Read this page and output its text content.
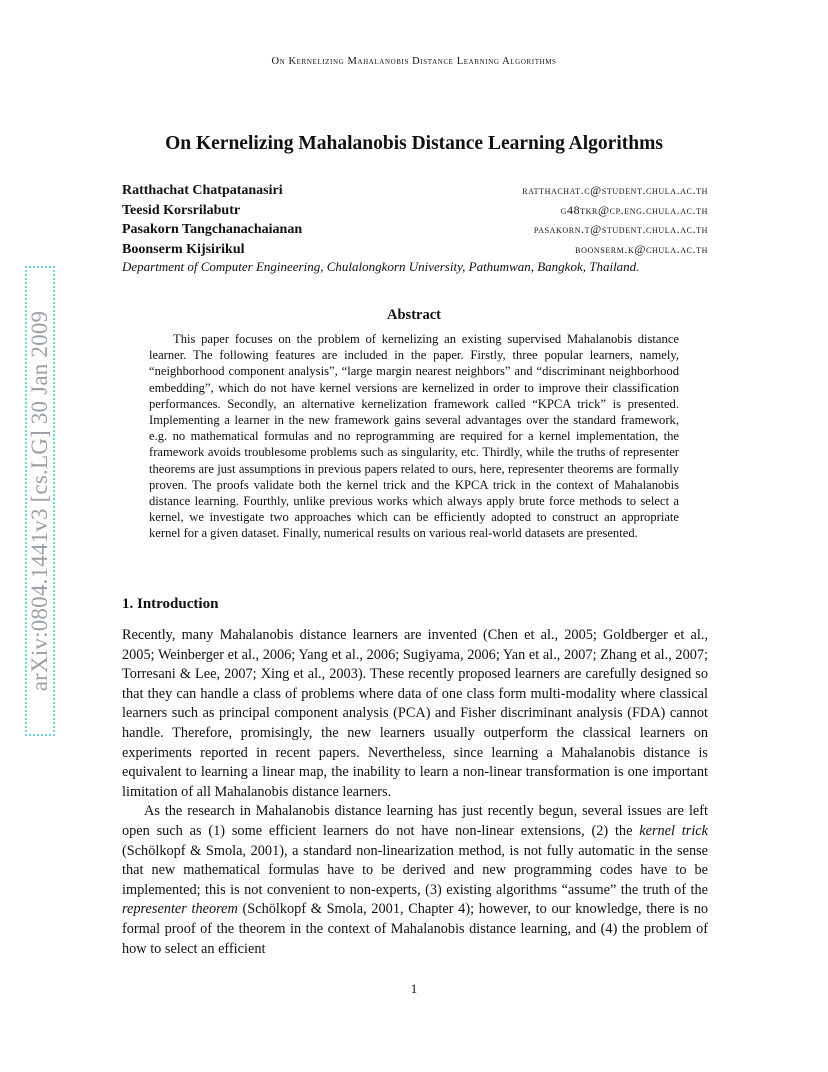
On Kernelizing Mahalanobis Distance Learning Algorithms
arXiv:0804.1441v3 [cs.LG] 30 Jan 2009
On Kernelizing Mahalanobis Distance Learning Algorithms
Ratthachat Chatpatanasiri	ratthachat.c@student.chula.ac.th
Teesid Korsrilabutr	g48tkr@cp.eng.chula.ac.th
Pasakorn Tangchanachaianan	pasakorn.t@student.chula.ac.th
Boonserm Kijsirikul	boonserm.k@chula.ac.th
Department of Computer Engineering, Chulalongkorn University, Pathumwan, Bangkok, Thailand.
Abstract

This paper focuses on the problem of kernelizing an existing supervised Mahalanobis distance learner. The following features are included in the paper. Firstly, three popular learners, namely, “neighborhood component analysis”, “large margin nearest neighbors” and “discriminant neighborhood embedding”, which do not have kernel versions are kernelized in order to improve their classification performances. Secondly, an alternative kernelization framework called “KPCA trick” is presented. Implementing a learner in the new framework gains several advantages over the standard framework, e.g. no mathematical formulas and no reprogramming are required for a kernel implementation, the framework avoids troublesome problems such as singularity, etc. Thirdly, while the truths of representer theorems are just assumptions in previous papers related to ours, here, representer theorems are formally proven. The proofs validate both the kernel trick and the KPCA trick in the context of Mahalanobis distance learning. Fourthly, unlike previous works which always apply brute force methods to select a kernel, we investigate two approaches which can be efficiently adopted to construct an appropriate kernel for a given dataset. Finally, numerical results on various real-world datasets are presented.

1. Introduction

Recently, many Mahalanobis distance learners are invented (Chen et al., 2005; Goldberger et al., 2005; Weinberger et al., 2006; Yang et al., 2006; Sugiyama, 2006; Yan et al., 2007; Zhang et al., 2007; Torresani & Lee, 2007; Xing et al., 2003). These recently proposed learners are carefully designed so that they can handle a class of problems where data of one class form multi-modality where classical learners such as principal component analysis (PCA) and Fisher discriminant analysis (FDA) cannot handle. Therefore, promisingly, the new learners usually outperform the classical learners on experiments reported in recent papers. Nevertheless, since learning a Mahalanobis distance is equivalent to learning a linear map, the inability to learn a non-linear transformation is one important limitation of all Mahalanobis distance learners.

As the research in Mahalanobis distance learning has just recently begun, several issues are left open such as (1) some efficient learners do not have non-linear extensions, (2) the kernel trick (Schölkopf & Smola, 2001), a standard non-linearization method, is not fully automatic in the sense that new mathematical formulas have to be derived and new programming codes have to be implemented; this is not convenient to non-experts, (3) existing algorithms “assume” the truth of the representer theorem (Schölkopf & Smola, 2001, Chapter 4); however, to our knowledge, there is no formal proof of the theorem in the context of Mahalanobis distance learning, and (4) the problem of how to select an efficient

1
